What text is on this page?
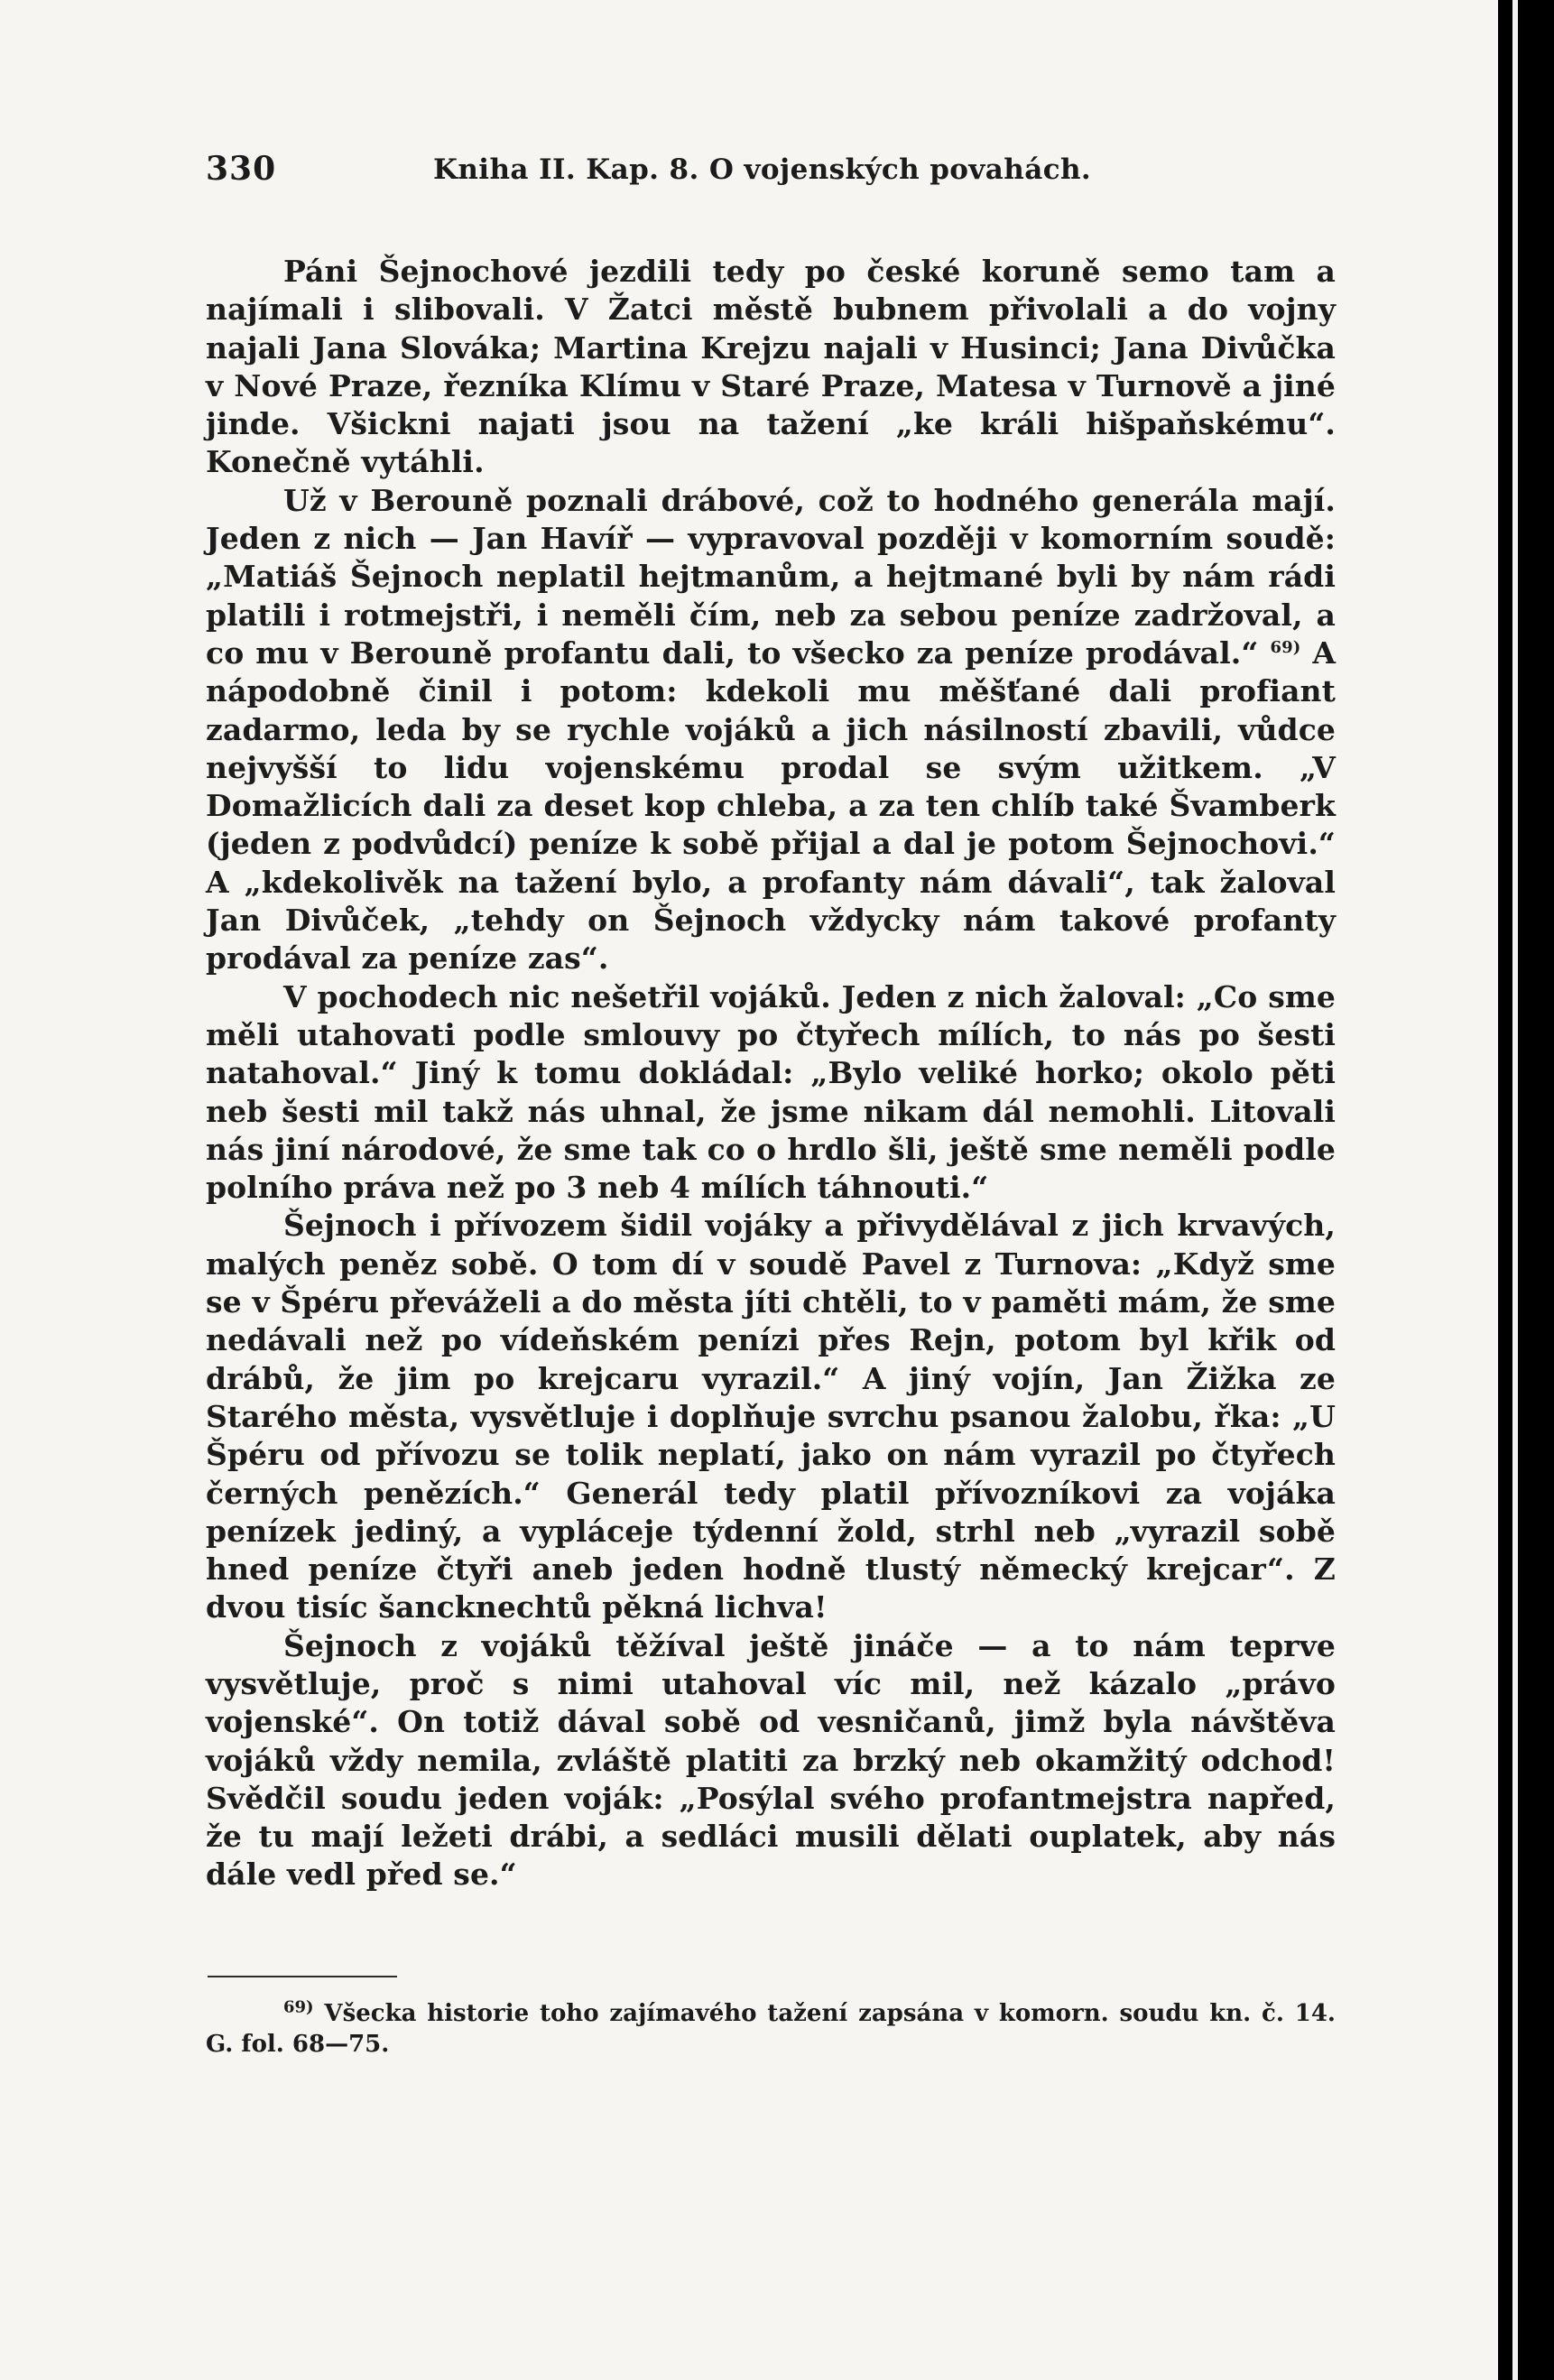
330	Kniha II. Kap. 8. O vojenských povahách.

Páni Šejnochové jezdili tedy po české koruně semo tam a najímali i slibovali. V Žatci městě bubnem přivolali a do vojny najali Jana Slováka; Martina Krejzu najali v Husinci; Jana Divůčka v Nové Praze, řezníka Klímu v Staré Praze, Matesa v Turnově a jiné jinde. Všickni najati jsou na tažení „ke králi hišpaňskému“. Konečně vytáhli.

Už v Berouně poznali drábové, což to hodného generála mají. Jeden z nich — Jan Havíř — vypravoval později v komorním soudě: „Matiáš Šejnoch neplatil hejtmanům, a hejtmané byli by nám rádi platili i rotmejstři, i neměli čím, neb za sebou peníze zadržoval, a co mu v Berouně profantu dali, to všecko za peníze prodával.“ $^{69)}$ A nápodobně činil i potom: kdekoli mu měšťané dali profiant zadarmo, leda by se rychle vojáků a jich násilností zbavili, vůdce nejvyšší to lidu vojenskému prodal se svým užitkem. „V Domažlicích dali za deset kop chleba, a za ten chlíb také Švamberk (jeden z podvůdcí) peníze k sobě přijal a dal je potom Šejnochovi.“ A „kdekolivěk na tažení bylo, a profanty nám dávali“, tak žaloval Jan Divůček, „tehdy on Šejnoch vždycky nám takové profanty prodával za peníze zas“.

V pochodech nic nešetřil vojáků. Jeden z nich žaloval: „Co sme měli utahovati podle smlouvy po čtyřech mílích, to nás po šesti natahoval.“ Jiný k tomu dokládal: „Bylo veliké horko; okolo pěti neb šesti mil takž nás uhnal, že jsme nikam dál nemohli. Litovali nás jiní národové, že sme tak co o hrdlo šli, ještě sme neměli podle polního práva než po 3 neb 4 mílích táhnouti.“

Šejnoch i přívozem šidil vojáky a přivydělával z jich krvavých, malých peněz sobě. O tom dí v soudě Pavel z Turnova: „Když sme se v Špéru převáželi a do města jíti chtěli, to v paměti mám, že sme nedávali než po vídeňském penízi přes Rejn, potom byl křik od drábů, že jim po krejcaru vyrazil.“ A jiný vojín, Jan Žižka ze Starého města, vysvětluje i doplňuje svrchu psanou žalobu, řka: „U Špéru od přívozu se tolik neplatí, jako on nám vyrazil po čtyřech černých penězích.“ Generál tedy platil přívozníkovi za vojáka penízek jediný, a vypláceje týdenní žold, strhl neb „vyrazil sobě hned peníze čtyři aneb jeden hodně tlustý německý krejcar“. Z dvou tisíc šancknechtů pěkná lichva!

Šejnoch z vojáků těžíval ještě jináče — a to nám teprve vysvětluje, proč s nimi utahoval víc mil, než kázalo „právo vojenské“. On totiž dával sobě od vesničanů, jimž byla návštěva vojáků vždy nemila, zvláště platiti za brzký neb okamžitý odchod! Svědčil soudu jeden voják: „Posýlal svého profantmejstra napřed, že tu mají ležeti drábi, a sedláci musili dělati ouplatek, aby nás dále vedl před se.“

$^{69)}$ Všecka historie toho zajímavého tažení zapsána v komorn. soudu kn. č. 14. G. fol. 68—75.
